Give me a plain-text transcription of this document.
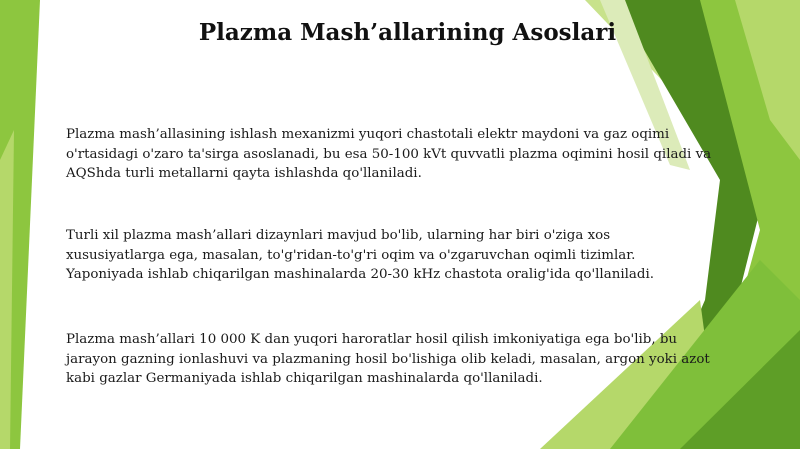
Plazma Mash’allarining Asoslari

Plazma mash’allasining ishlash mexanizmi yuqori chastotali elektr maydoni va gaz oqimi
o'rtasidagi o'zaro ta'sirga asoslanadi, bu esa 50-100 kVt quvvatli plazma oqimini hosil qiladi va
AQShda turli metallarni qayta ishlashda qo'llaniladi.

Turli xil plazma mash’allari dizaynlari mavjud bo'lib, ularning har biri o'ziga xos
xususiyatlarga ega, masalan, to'g'ridan-to'g'ri oqim va o'zgaruvchan oqimli tizimlar.
Yaponiyada ishlab chiqarilgan mashinalarda 20-30 kHz chastota oralig'ida qo'llaniladi.

Plazma mash’allari 10 000 K dan yuqori haroratlar hosil qilish imkoniyatiga ega bo'lib, bu
jarayon gazning ionlashuvi va plazmaning hosil bo'lishiga olib keladi, masalan, argon yoki azot
kabi gazlar Germaniyada ishlab chiqarilgan mashinalarda qo'llaniladi.
